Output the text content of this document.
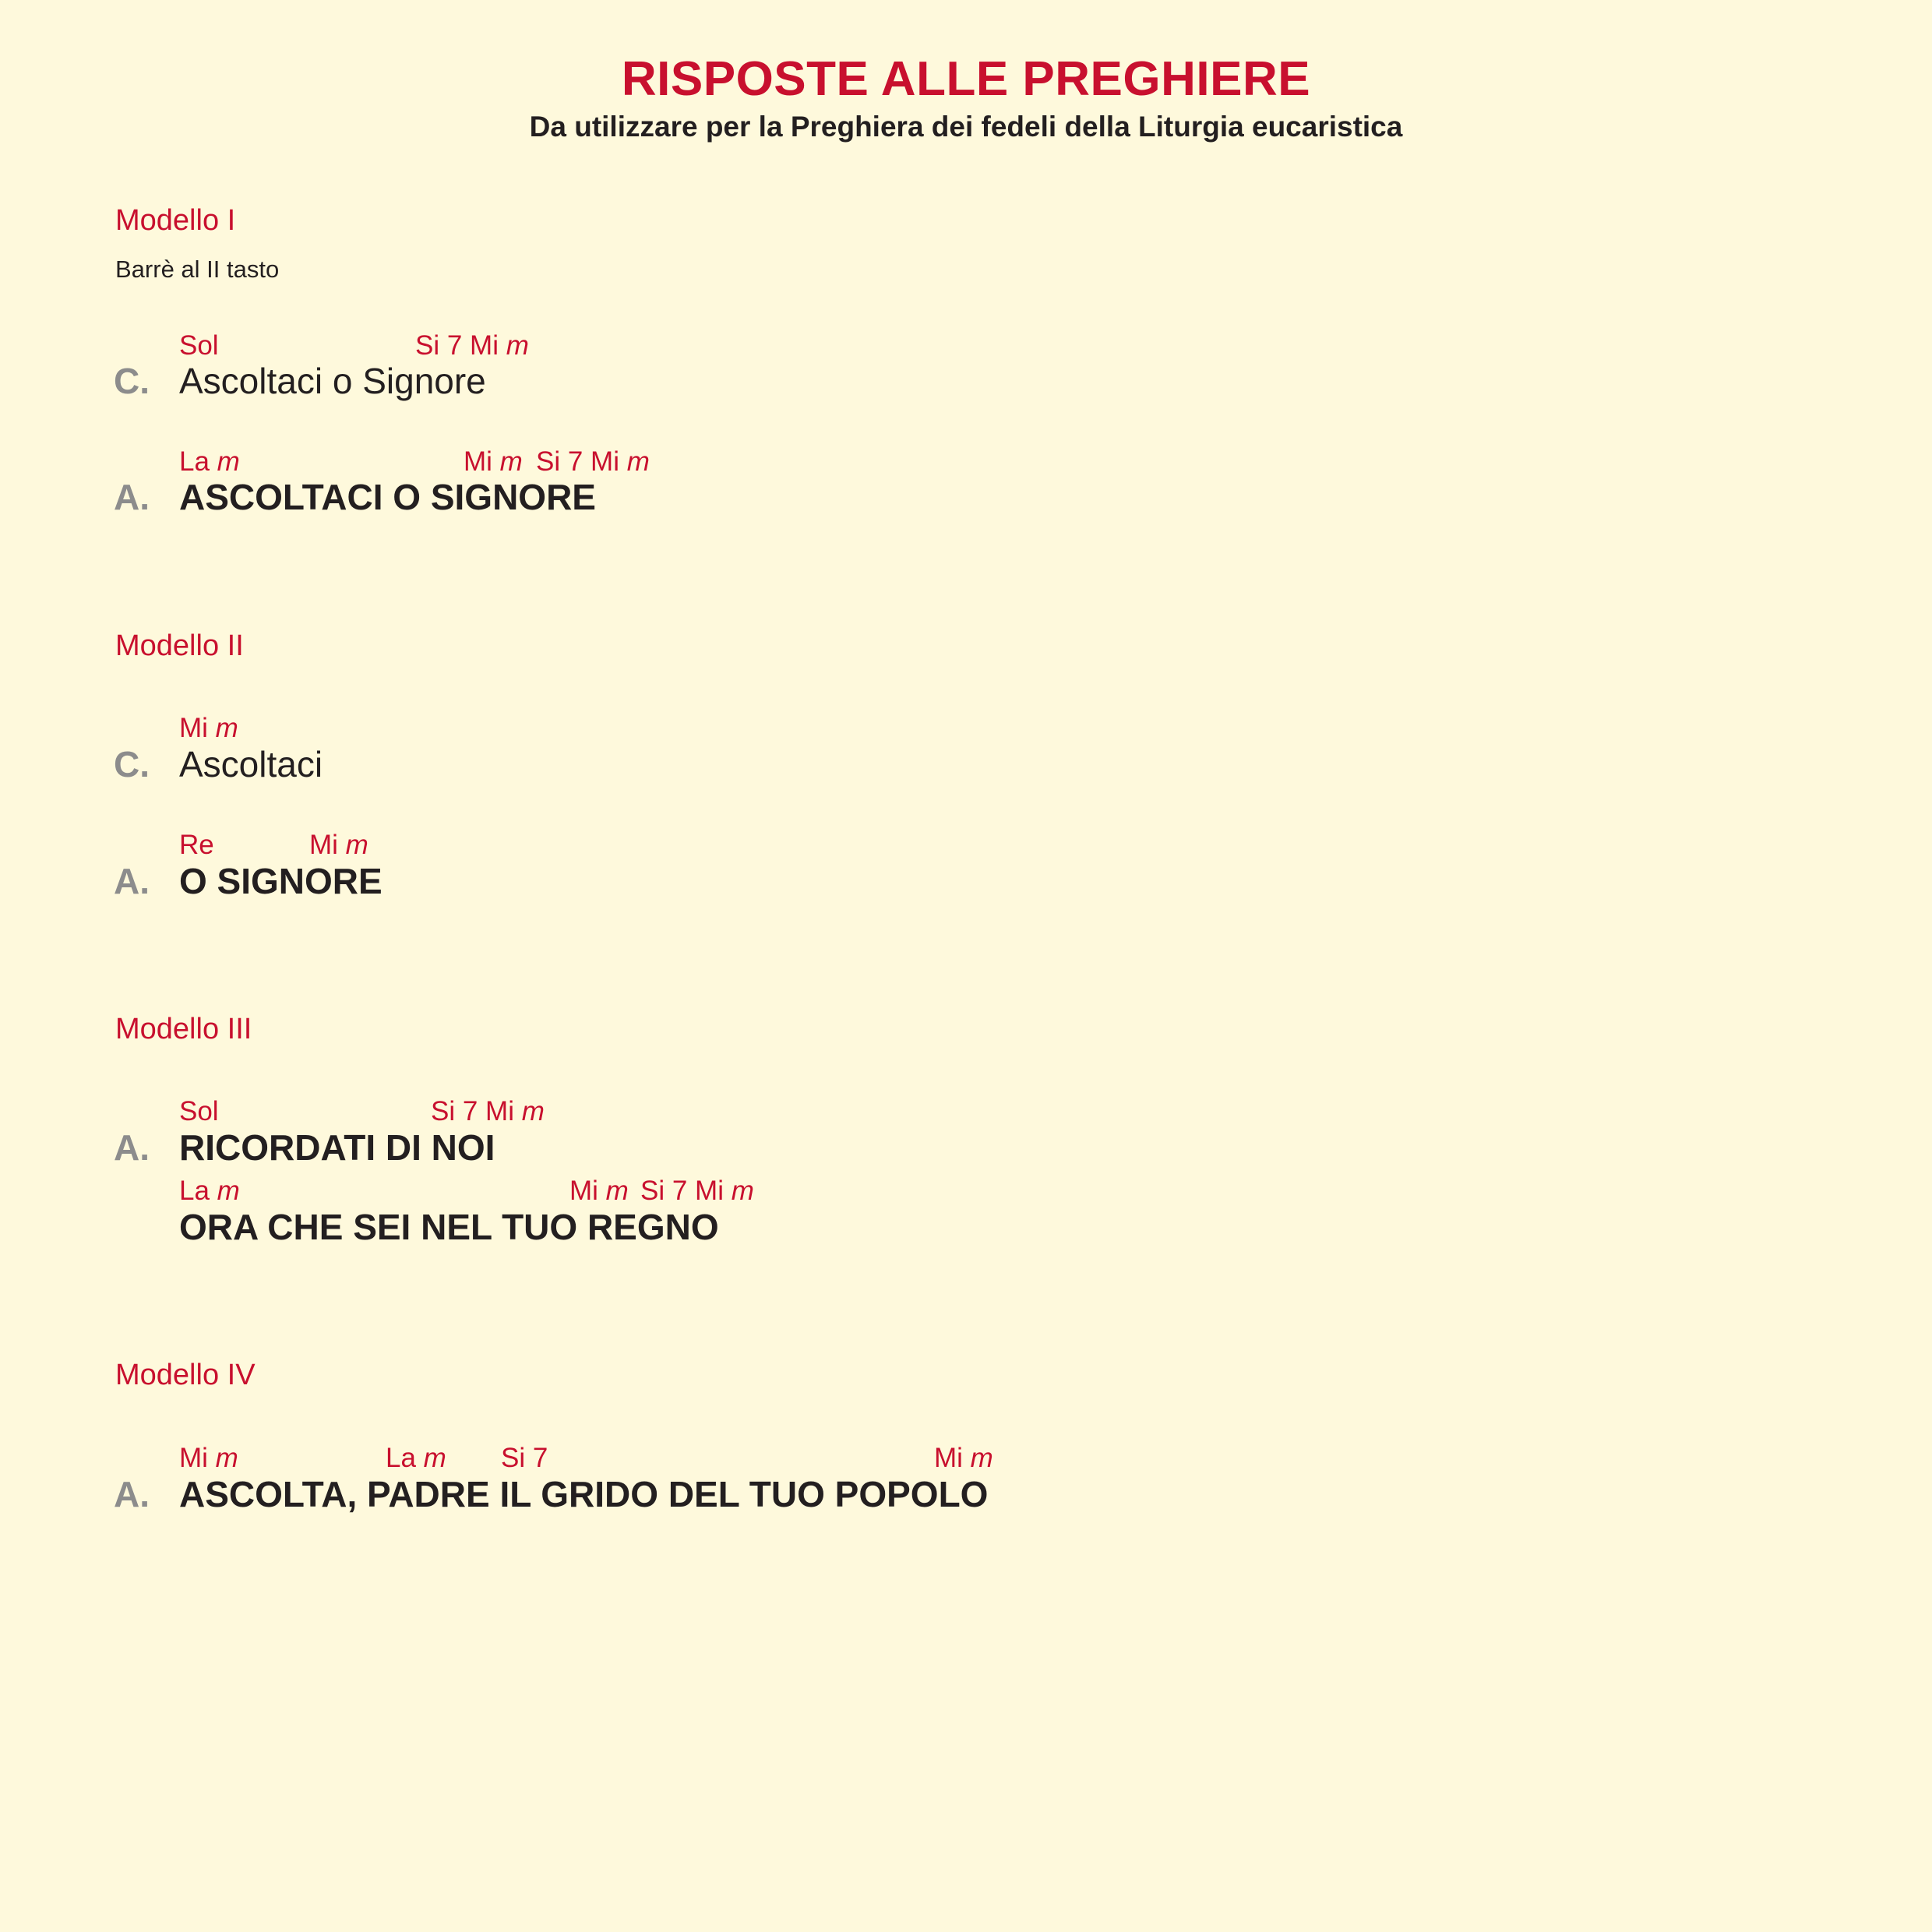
RISPOSTE ALLE PREGHIERE
Da utilizzare per la Preghiera dei fedeli della Liturgia eucaristica
Modello I
Barrè al II tasto
Sol	Si 7 Mi m
C. Ascoltaci o Signore
La m	Mi m Si 7 Mi m
A. ASCOLTACI O SIGNORE
Modello II
Mi m
C. Ascoltaci
Re	Mi m
A. O SIGNORE
Modello III
Sol	Si 7 Mi m
A. RICORDATI DI NOI
La m	Mi m Si 7 Mi m
ORA CHE SEI NEL TUO REGNO
Modello IV
Mi m	La m Si 7	Mi m
A. ASCOLTA, PADRE IL GRIDO DEL TUO POPOLO
